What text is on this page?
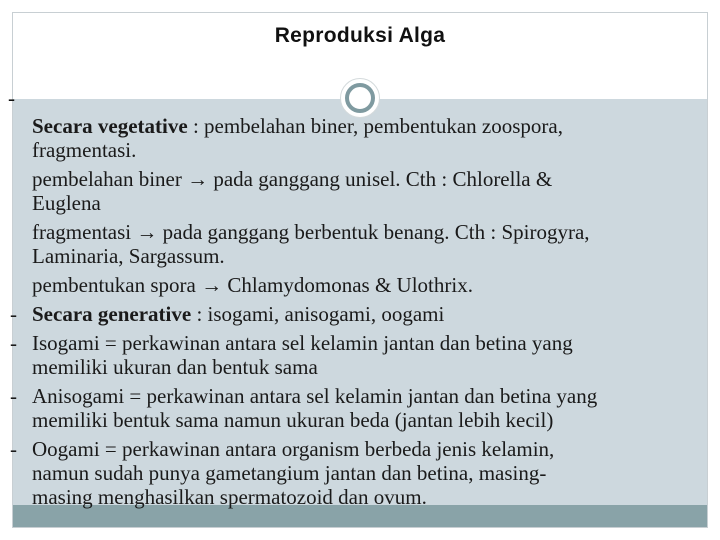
Reproduksi Alga
-
Secara vegetative : pembelahan biner, pembentukan zoospora,
fragmentasi.
pembelahan biner → pada ganggang unisel. Cth : Chlorella &
Euglena
fragmentasi → pada ganggang berbentuk benang. Cth : Spirogyra,
Laminaria, Sargassum.
pembentukan spora → Chlamydomonas & Ulothrix.
- Secara generative : isogami, anisogami, oogami
- Isogami = perkawinan antara sel kelamin jantan dan betina yang
memiliki ukuran dan bentuk sama
- Anisogami = perkawinan antara sel kelamin jantan dan betina yang
memiliki bentuk sama namun ukuran beda (jantan lebih kecil)
- Oogami = perkawinan antara organism berbeda jenis kelamin,
namun sudah punya gametangium jantan dan betina, masing-
masing menghasilkan spermatozoid dan ovum.
